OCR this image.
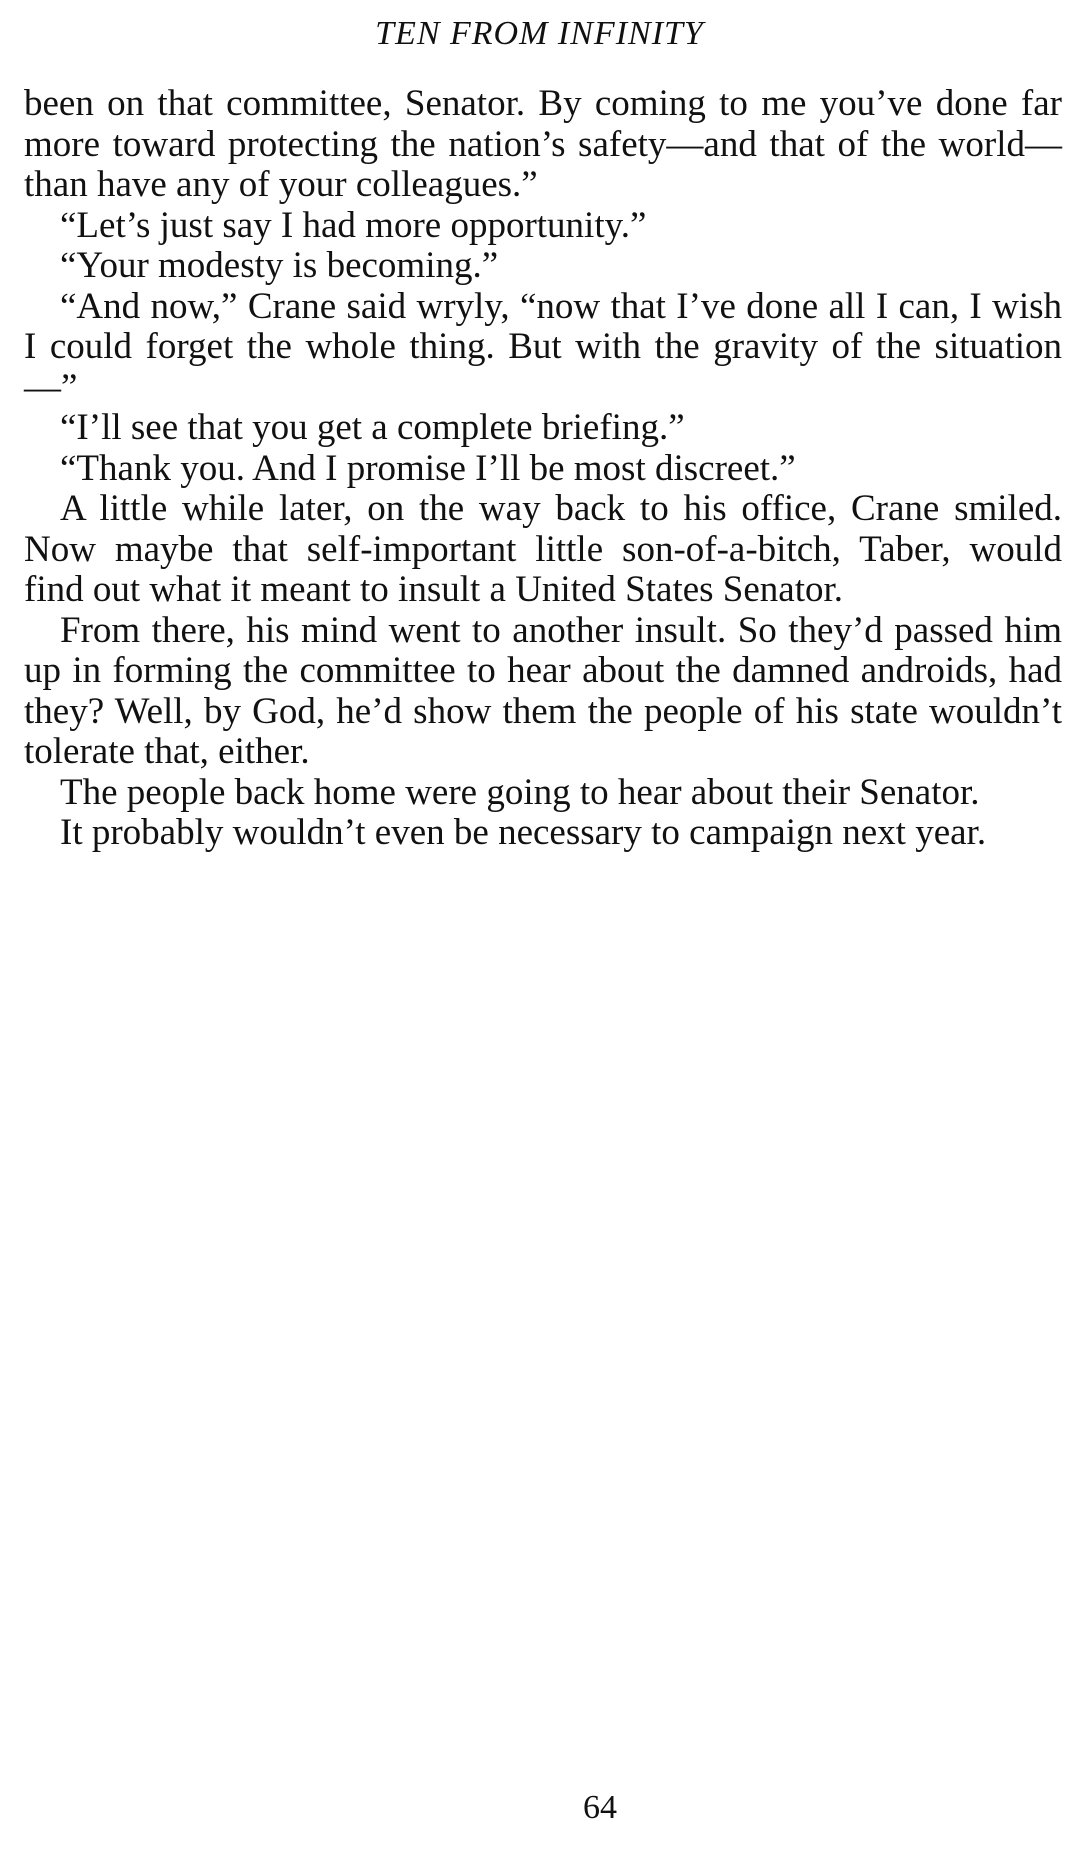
TEN FROM INFINITY

been on that committee, Senator. By coming to me you’ve done far more toward protecting the nation’s safety—and that of the world—than have any of your colleagues.”

“Let’s just say I had more opportunity.”

“Your modesty is becoming.”

“And now,” Crane said wryly, “now that I’ve done all I can, I wish I could forget the whole thing. But with the gravity of the situation—”

“I’ll see that you get a complete briefing.”

“Thank you. And I promise I’ll be most discreet.”

A little while later, on the way back to his office, Crane smiled. Now maybe that self-important little son-of-a-bitch, Taber, would find out what it meant to insult a United States Senator.

From there, his mind went to another insult. So they’d passed him up in forming the committee to hear about the damned androids, had they? Well, by God, he’d show them the people of his state wouldn’t tolerate that, either.

The people back home were going to hear about their Senator.

It probably wouldn’t even be necessary to campaign next year.

64
